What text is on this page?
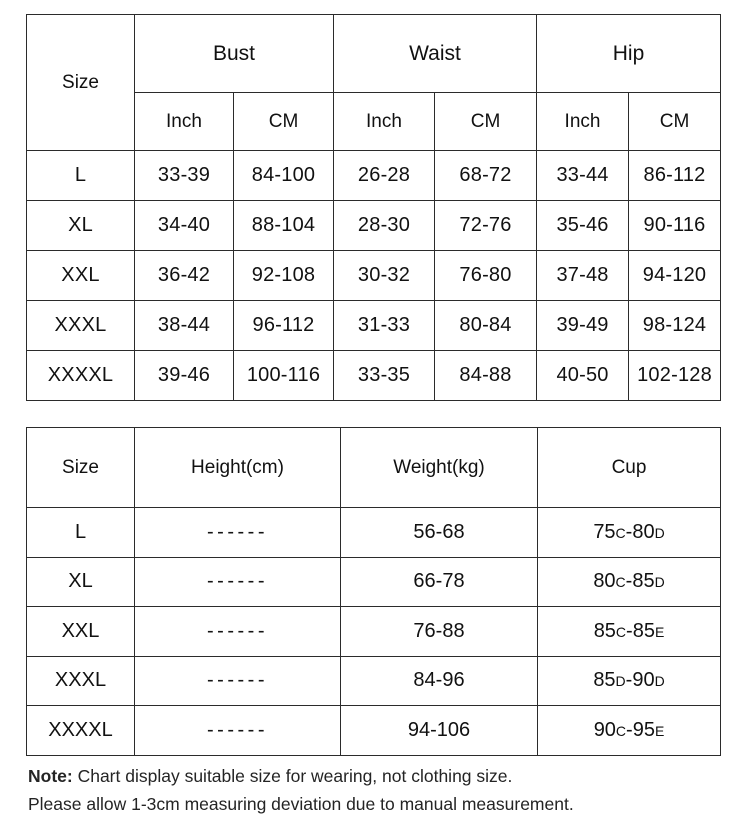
Size	Bust		Waist		Hip	
	Inch	CM	Inch	CM	Inch	CM
L	33-39	84-100	26-28	68-72	33-44	86-112
XL	34-40	88-104	28-30	72-76	35-46	90-116
XXL	36-42	92-108	30-32	76-80	37-48	94-120
XXXL	38-44	96-112	31-33	80-84	39-49	98-124
XXXXL	39-46	100-116	33-35	84-88	40-50	102-128
Size	Height(cm)	Weight(kg)	Cup
L	------	56-68	75c-80d
XL	------	66-78	80c-85d
XXL	------	76-88	85c-85e
XXXL	------	84-96	85d-90d
XXXXL	------	94-106	90c-95e
Note: Chart display suitable size for wearing, not clothing size.
Please allow 1-3cm measuring deviation due to manual measurement.
